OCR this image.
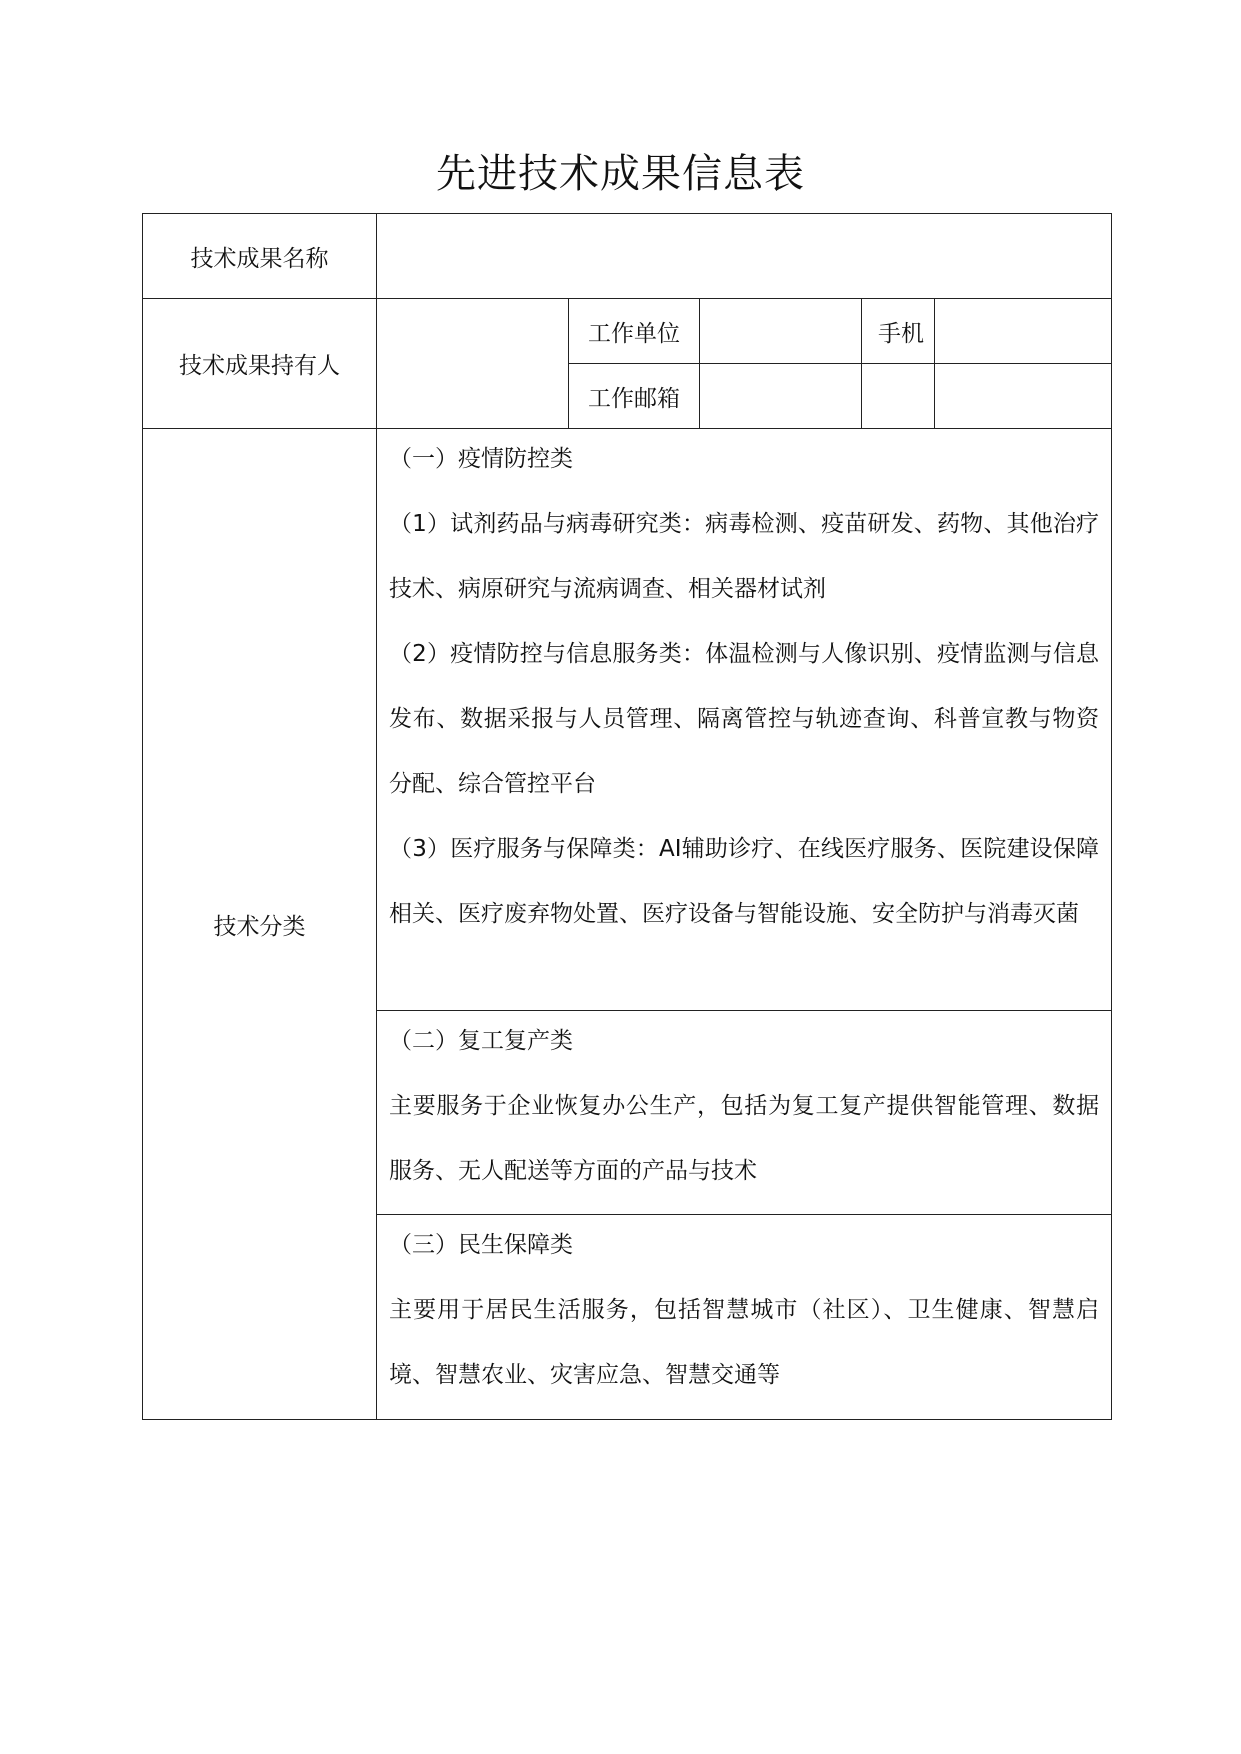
先进技术成果信息表
技术成果名称					
技术成果持有人		工作单位		手机	
		工作邮箱			
技术分类	（一）疫情防控类

（1）试剂药品与病毒研究类：病毒检测、疫苗研发、药物、其他治疗技术、病原研究与流病调查、相关器材试剂

（2）疫情防控与信息服务类：体温检测与人像识别、疫情监测与信息发布、数据采报与人员管理、隔离管控与轨迹查询、科普宣教与物资分配、综合管控平台

（3）医疗服务与保障类：AI辅助诊疗、在线医疗服务、医院建设保障相关、医疗废弃物处置、医疗设备与智能设施、安全防护与消毒灭菌				

	（二）复工复产类

主要服务于企业恢复办公生产，包括为复工复产提供智能管理、数据服务、无人配送等方面的产品与技术				

	（三）民生保障类

主要用于居民生活服务，包括智慧城市（社区）、卫生健康、智慧启境、智慧农业、灾害应急、智慧交通等				
